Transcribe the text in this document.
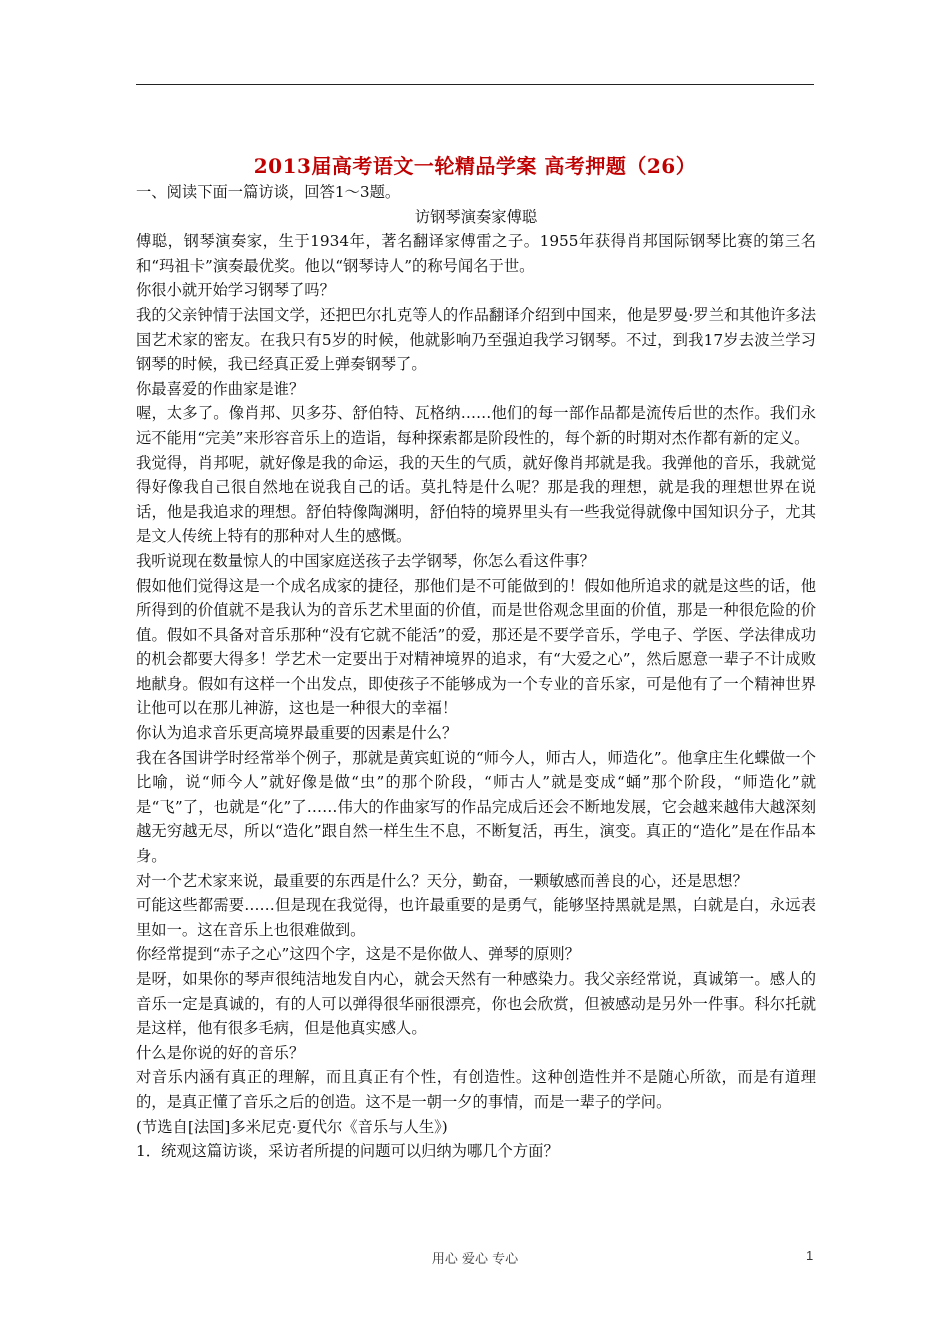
2013届高考语文一轮精品学案 高考押题（26）

一、阅读下面一篇访谈，回答1～3题。

访钢琴演奏家傅聪

傅聪，钢琴演奏家，生于1934年，著名翻译家傅雷之子。1955年获得肖邦国际钢琴比赛的第三名和“玛祖卡”演奏最优奖。他以“钢琴诗人”的称号闻名于世。

你很小就开始学习钢琴了吗？

我的父亲钟情于法国文学，还把巴尔扎克等人的作品翻译介绍到中国来，他是罗曼·罗兰和其他许多法国艺术家的密友。在我只有5岁的时候，他就影响乃至强迫我学习钢琴。不过，到我17岁去波兰学习钢琴的时候，我已经真正爱上弹奏钢琴了。

你最喜爱的作曲家是谁？

喔，太多了。像肖邦、贝多芬、舒伯特、瓦格纳……他们的每一部作品都是流传后世的杰作。我们永远不能用“完美”来形容音乐上的造诣，每种探索都是阶段性的，每个新的时期对杰作都有新的定义。

我觉得，肖邦呢，就好像是我的命运，我的天生的气质，就好像肖邦就是我。我弹他的音乐，我就觉得好像我自己很自然地在说我自己的话。莫扎特是什么呢？那是我的理想，就是我的理想世界在说话，他是我追求的理想。舒伯特像陶渊明，舒伯特的境界里头有一些我觉得就像中国知识分子，尤其是文人传统上特有的那种对人生的感慨。

我听说现在数量惊人的中国家庭送孩子去学钢琴，你怎么看这件事？

假如他们觉得这是一个成名成家的捷径，那他们是不可能做到的！假如他所追求的就是这些的话，他所得到的价值就不是我认为的音乐艺术里面的价值，而是世俗观念里面的价值，那是一种很危险的价值。假如不具备对音乐那种“没有它就不能活”的爱，那还是不要学音乐，学电子、学医、学法律成功的机会都要大得多！学艺术一定要出于对精神境界的追求，有“大爱之心”，然后愿意一辈子不计成败地献身。假如有这样一个出发点，即使孩子不能够成为一个专业的音乐家，可是他有了一个精神世界让他可以在那儿神游，这也是一种很大的幸福！

你认为追求音乐更高境界最重要的因素是什么？

我在各国讲学时经常举个例子，那就是黄宾虹说的“师今人，师古人，师造化”。他拿庄生化蝶做一个比喻，说“师今人”就好像是做“虫”的那个阶段，“师古人”就是变成“蛹”那个阶段，“师造化”就是“飞”了，也就是“化”了……伟大的作曲家写的作品完成后还会不断地发展，它会越来越伟大越深刻越无穷越无尽，所以“造化”跟自然一样生生不息，不断复活，再生，演变。真正的“造化”是在作品本身。

对一个艺术家来说，最重要的东西是什么？天分，勤奋，一颗敏感而善良的心，还是思想？

可能这些都需要……但是现在我觉得，也许最重要的是勇气，能够坚持黑就是黑，白就是白，永远表里如一。这在音乐上也很难做到。

你经常提到“赤子之心”这四个字，这是不是你做人、弹琴的原则？

是呀，如果你的琴声很纯洁地发自内心，就会天然有一种感染力。我父亲经常说，真诚第一。感人的音乐一定是真诚的，有的人可以弹得很华丽很漂亮，你也会欣赏，但被感动是另外一件事。科尔托就是这样，他有很多毛病，但是他真实感人。

什么是你说的好的音乐？

对音乐内涵有真正的理解，而且真正有个性，有创造性。这种创造性并不是随心所欲，而是有道理的，是真正懂了音乐之后的创造。这不是一朝一夕的事情，而是一辈子的学问。

(节选自[法国]多米尼克·夏代尔《音乐与人生》)

1．统观这篇访谈，采访者所提的问题可以归纳为哪几个方面？

用心 爱心 专心	1
